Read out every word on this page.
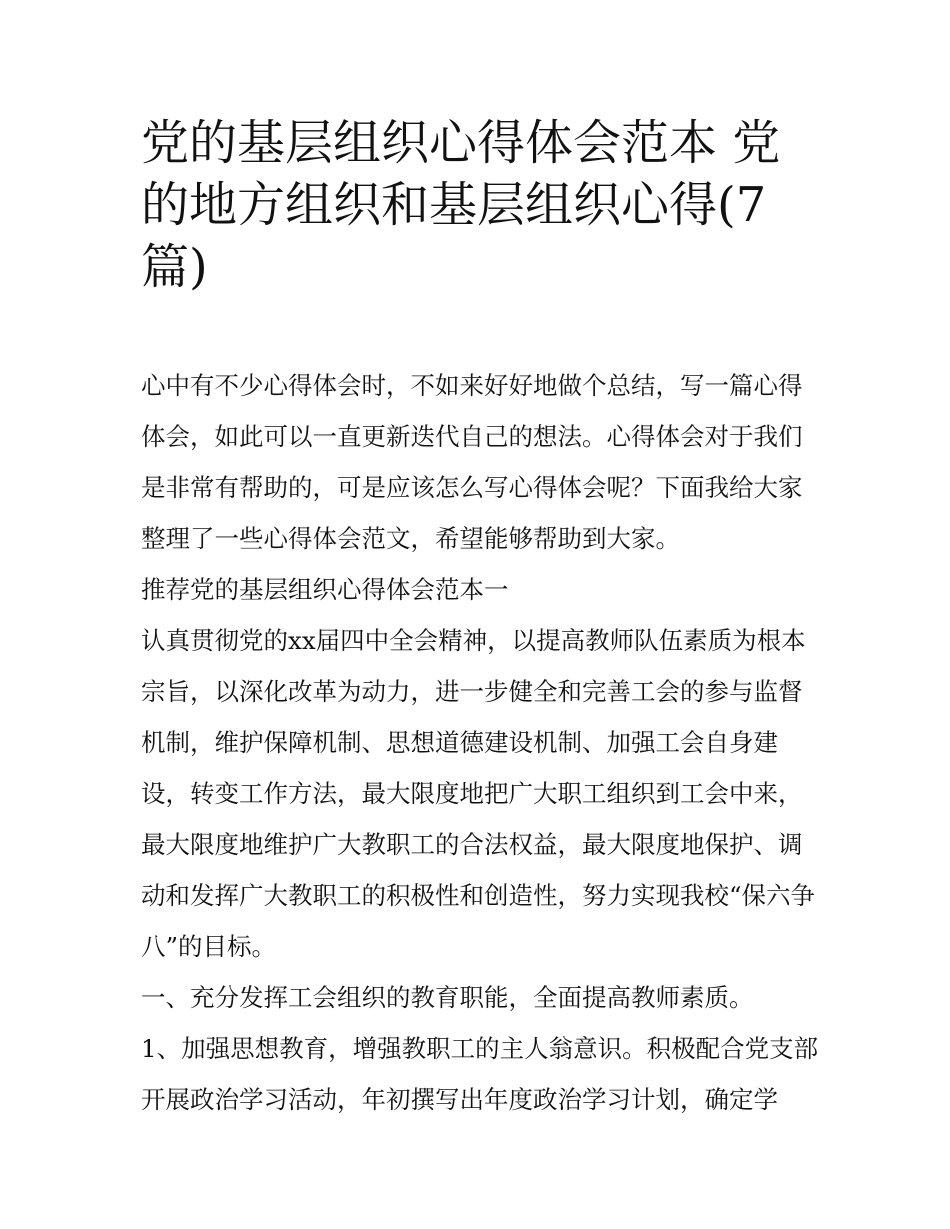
党的基层组织心得体会范本 党的地方组织和基层组织心得(7篇)

心中有不少心得体会时，不如来好好地做个总结，写一篇心得体会，如此可以一直更新迭代自己的想法。心得体会对于我们是非常有帮助的，可是应该怎么写心得体会呢？下面我给大家整理了一些心得体会范文，希望能够帮助到大家。

推荐党的基层组织心得体会范本一

认真贯彻党的xx届四中全会精神，以提高教师队伍素质为根本宗旨，以深化改革为动力，进一步健全和完善工会的参与监督机制，维护保障机制、思想道德建设机制、加强工会自身建设，转变工作方法，最大限度地把广大职工组织到工会中来，最大限度地维护广大教职工的合法权益，最大限度地保护、调动和发挥广大教职工的积极性和创造性，努力实现我校“保六争八”的目标。

一、充分发挥工会组织的教育职能，全面提高教师素质。

1、加强思想教育，增强教职工的主人翁意识。积极配合党支部开展政治学习活动，年初撰写出年度政治学习计划，确定学
